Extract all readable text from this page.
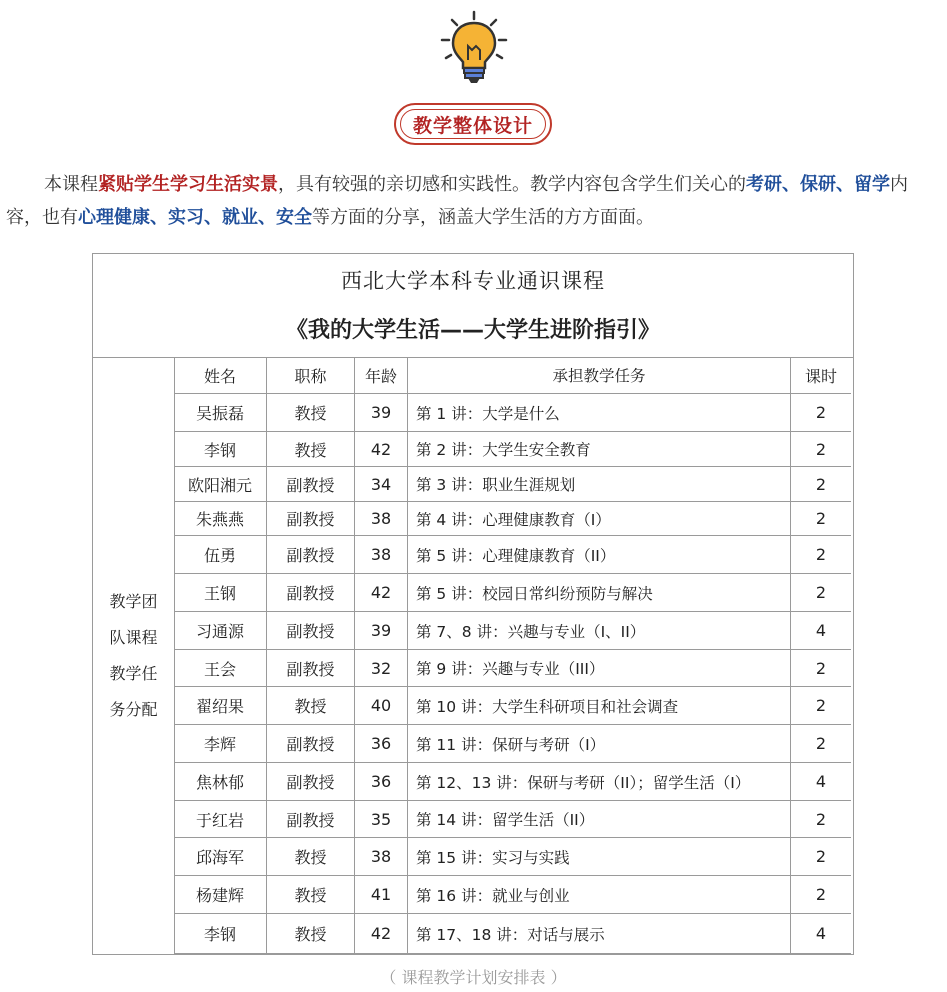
教学整体设计

本课程紧贴学生学习生活实景，具有较强的亲切感和实践性。教学内容包含学生们关心的考研、保研、留学内容，也有心理健康、实习、就业、安全等方面的分享，涵盖大学生活的方方面面。

西北大学本科专业通识课程
《我的大学生活——大学生进阶指引》
教学团
队课程
教学任
务分配
姓名	职称	年龄	承担教学任务	课时
吴振磊	教授	39	第 1 讲：大学是什么	2
李钢	教授	42	第 2 讲：大学生安全教育	2
欧阳湘元	副教授	34	第 3 讲：职业生涯规划	2
朱燕燕	副教授	38	第 4 讲：心理健康教育（I）	2
伍勇	副教授	38	第 5 讲：心理健康教育（II）	2
王钢	副教授	42	第 5 讲：校园日常纠纷预防与解决	2
习通源	副教授	39	第 7、8 讲：兴趣与专业（I、II）	4
王会	副教授	32	第 9 讲：兴趣与专业（III）	2
翟绍果	教授	40	第 10 讲：大学生科研项目和社会调查	2
李辉	副教授	36	第 11 讲：保研与考研（I）	2
焦林郁	副教授	36	第 12、13 讲：保研与考研（II）；留学生活（I）	4
于红岩	副教授	35	第 14 讲：留学生活（II）	2
邱海军	教授	38	第 15 讲：实习与实践	2
杨建辉	教授	41	第 16 讲：就业与创业	2
李钢	教授	42	第 17、18 讲：对话与展示	4
（ 课程教学计划安排表 ）
